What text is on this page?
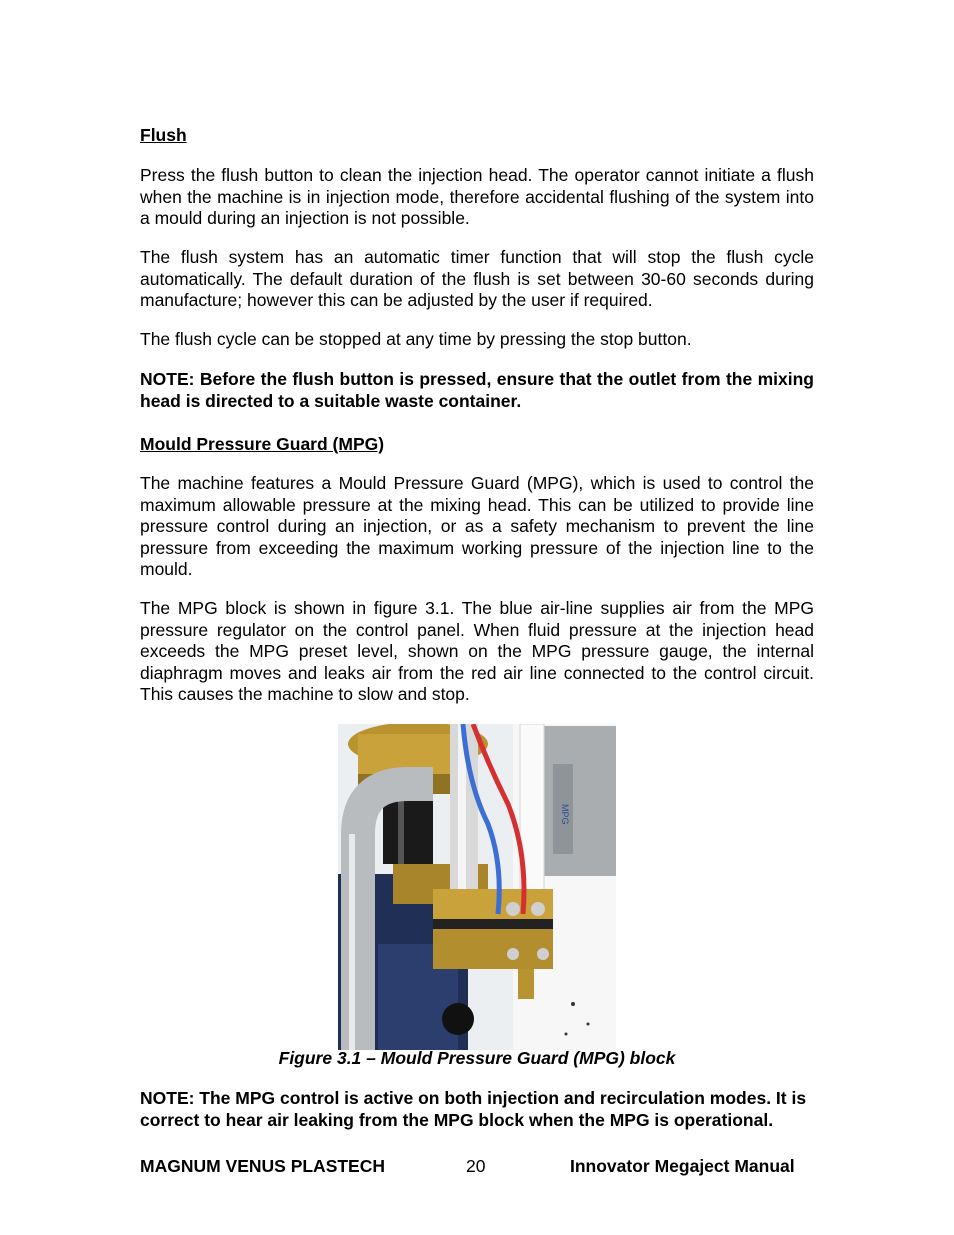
Flush
Press the flush button to clean the injection head. The operator cannot initiate a flush when the machine is in injection mode, therefore accidental flushing of the system into a mould during an injection is not possible.
The flush system has an automatic timer function that will stop the flush cycle automatically. The default duration of the flush is set between 30-60 seconds during manufacture; however this can be adjusted by the user if required.
The flush cycle can be stopped at any time by pressing the stop button.
NOTE: Before the flush button is pressed, ensure that the outlet from the mixing head is directed to a suitable waste container.
Mould Pressure Guard (MPG)
The machine features a Mould Pressure Guard (MPG), which is used to control the maximum allowable pressure at the mixing head. This can be utilized to provide line pressure control during an injection, or as a safety mechanism to prevent the line pressure from exceeding the maximum working pressure of the injection line to the mould.
The MPG block is shown in figure 3.1. The blue air-line supplies air from the MPG pressure regulator on the control panel. When fluid pressure at the injection head exceeds the MPG preset level, shown on the MPG pressure gauge, the internal diaphragm moves and leaks air from the red air line connected to the control circuit. This causes the machine to slow and stop.
MPG
Figure 3.1 – Mould Pressure Guard (MPG) block
NOTE: The MPG control is active on both injection and recirculation modes. It is correct to hear air leaking from the MPG block when the MPG is operational.
MAGNUM VENUS PLASTECH	20	Innovator Megaject Manual
